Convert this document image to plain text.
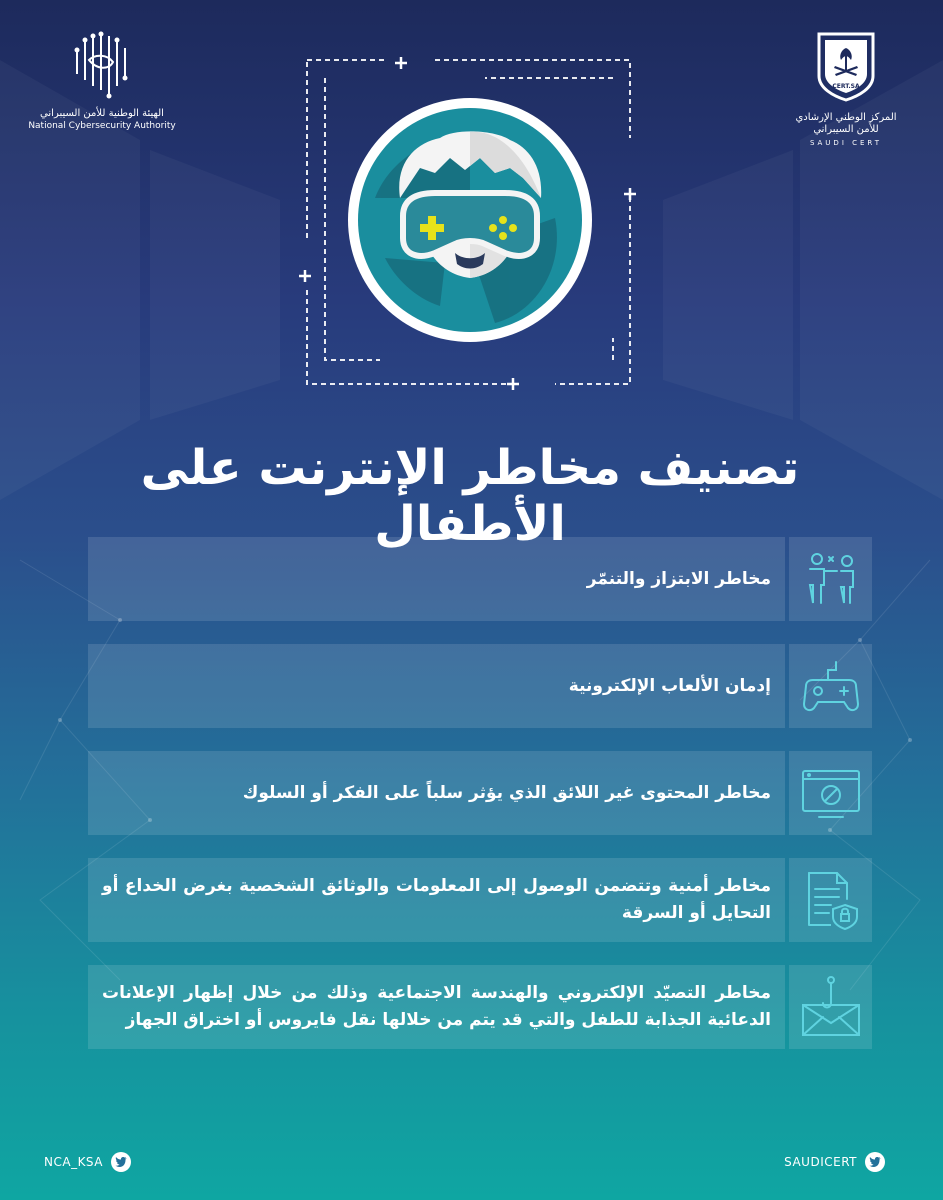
الهيئة الوطنية للأمن السيبراني
National Cybersecurity Authority
CERT.SA
المركز الوطني الإرشادي
للأمن السيبراني
SAUDI CERT
تصنيف مخاطر الإنترنت على الأطفال
مخاطر الابتزاز والتنمّر
إدمان الألعاب الإلكترونية
مخاطر المحتوى غير اللائق الذي يؤثر سلباً على الفكر أو السلوك
مخاطر أمنية وتتضمن الوصول إلى المعلومات والوثائق الشخصية بغرض الخداع أو التحايل أو السرقة
مخاطر التصيّد الإلكتروني والهندسة الاجتماعية وذلك من خلال إظهار الإعلانات الدعائية الجذابة للطفل والتي قد يتم من خلالها نقل فايروس أو اختراق الجهاز
NCA_KSA	SAUDICERT
